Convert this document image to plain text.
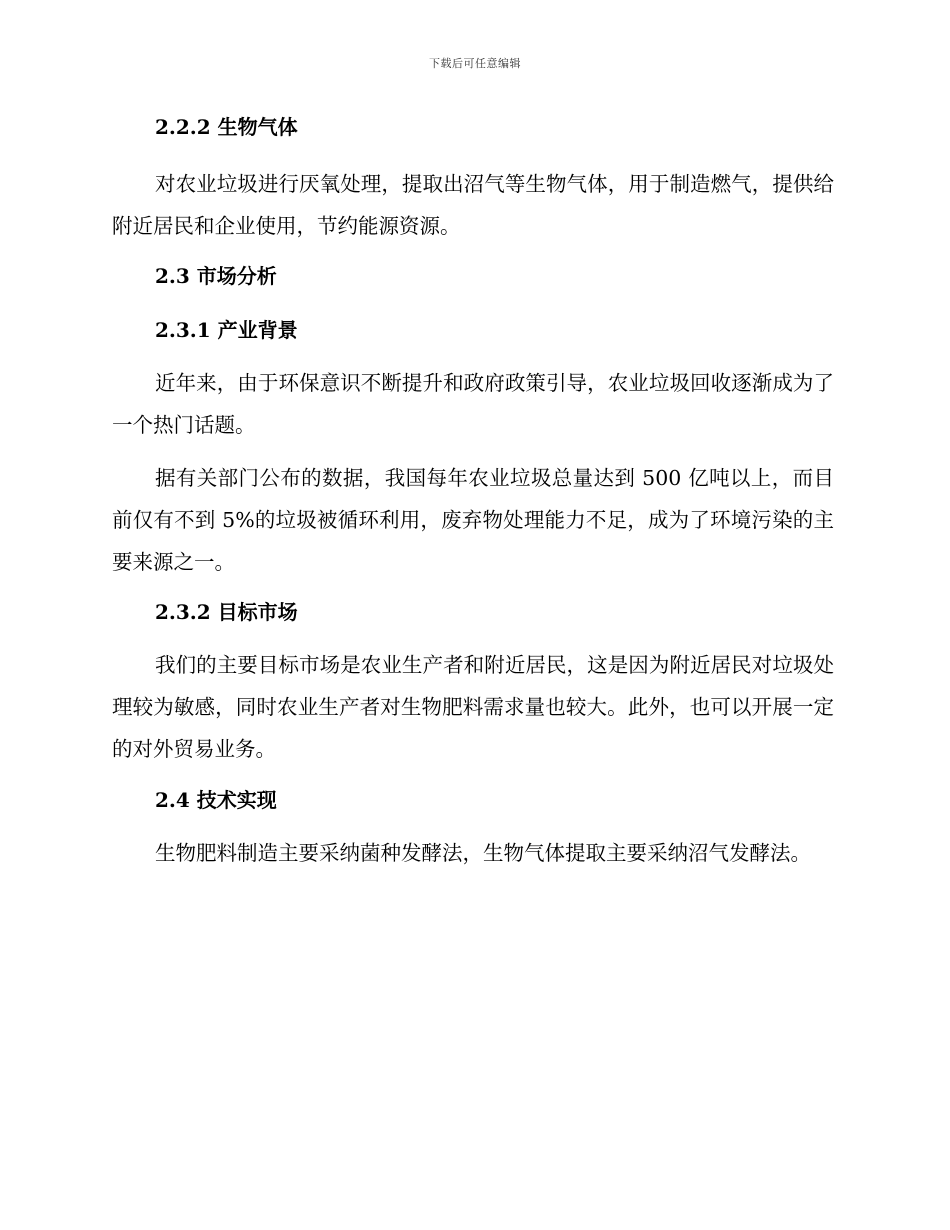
下载后可任意编辑
2.2.2 生物气体

对农业垃圾进行厌氧处理，提取出沼气等生物气体，用于制造燃气，提供给附近居民和企业使用，节约能源资源。

2.3 市场分析
2.3.1 产业背景

近年来，由于环保意识不断提升和政府政策引导，农业垃圾回收逐渐成为了一个热门话题。

据有关部门公布的数据，我国每年农业垃圾总量达到 500 亿吨以上，而目前仅有不到 5%的垃圾被循环利用，废弃物处理能力不足，成为了环境污染的主要来源之一。

2.3.2 目标市场

我们的主要目标市场是农业生产者和附近居民，这是因为附近居民对垃圾处理较为敏感，同时农业生产者对生物肥料需求量也较大。此外，也可以开展一定的对外贸易业务。

2.4 技术实现

生物肥料制造主要采纳菌种发酵法，生物气体提取主要采纳沼气发酵法。
